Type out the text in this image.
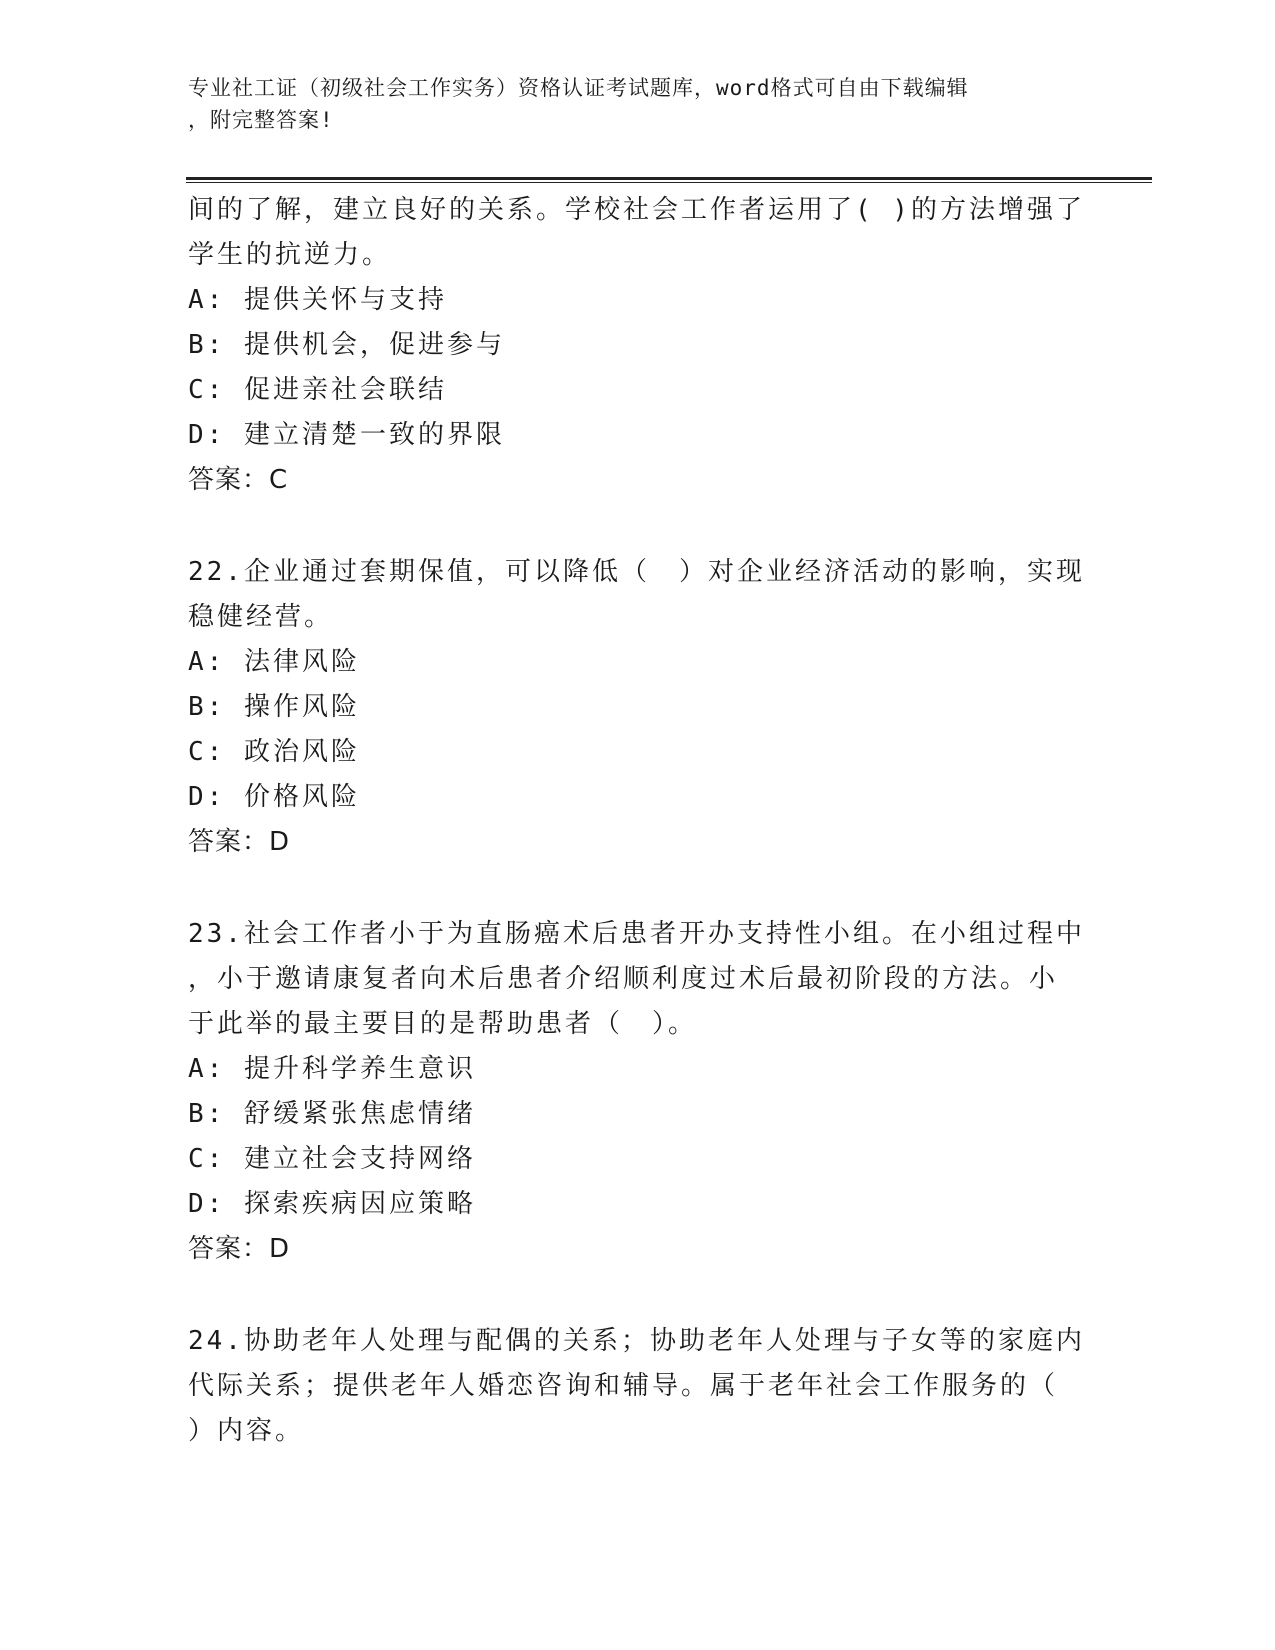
专业社工证（初级社会工作实务）资格认证考试题库，word格式可自由下载编辑
，附完整答案!
间的了解，建立良好的关系。学校社会工作者运用了( )的方法增强了
学生的抗逆力。
A: 提供关怀与支持
B: 提供机会，促进参与
C: 促进亲社会联结
D: 建立清楚一致的界限
答案：C
22.企业通过套期保值，可以降低（　）对企业经济活动的影响，实现
稳健经营。
A: 法律风险
B: 操作风险
C: 政治风险
D: 价格风险
答案：D
23.社会工作者小于为直肠癌术后患者开办支持性小组。在小组过程中
，小于邀请康复者向术后患者介绍顺利度过术后最初阶段的方法。小
于此举的最主要目的是帮助患者（　）。
A: 提升科学养生意识
B: 舒缓紧张焦虑情绪
C: 建立社会支持网络
D: 探索疾病因应策略
答案：D
24.协助老年人处理与配偶的关系；协助老年人处理与子女等的家庭内
代际关系；提供老年人婚恋咨询和辅导。属于老年社会工作服务的（
）内容。
